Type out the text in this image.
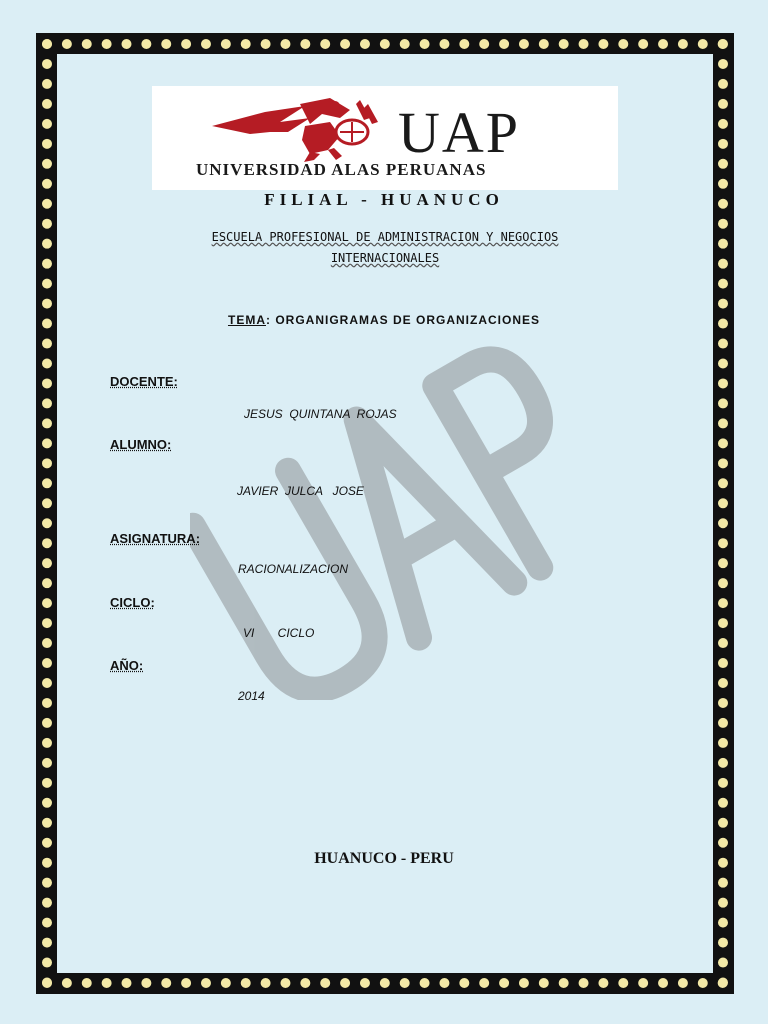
UAP
UAP
UNIVERSIDAD ALAS PERUANAS
FILIAL - HUANUCO
ESCUELA PROFESIONAL DE ADMINISTRACION Y NEGOCIOS
INTERNACIONALES
TEMA: ORGANIGRAMAS DE ORGANIZACIONES
DOCENTE:
JESUS  QUINTANA  ROJAS
ALUMNO:
JAVIER  JULCA   JOSE
ASIGNATURA:
RACIONALIZACION
CICLO:
VI       CICLO
AÑO:
2014
HUANUCO - PERU
